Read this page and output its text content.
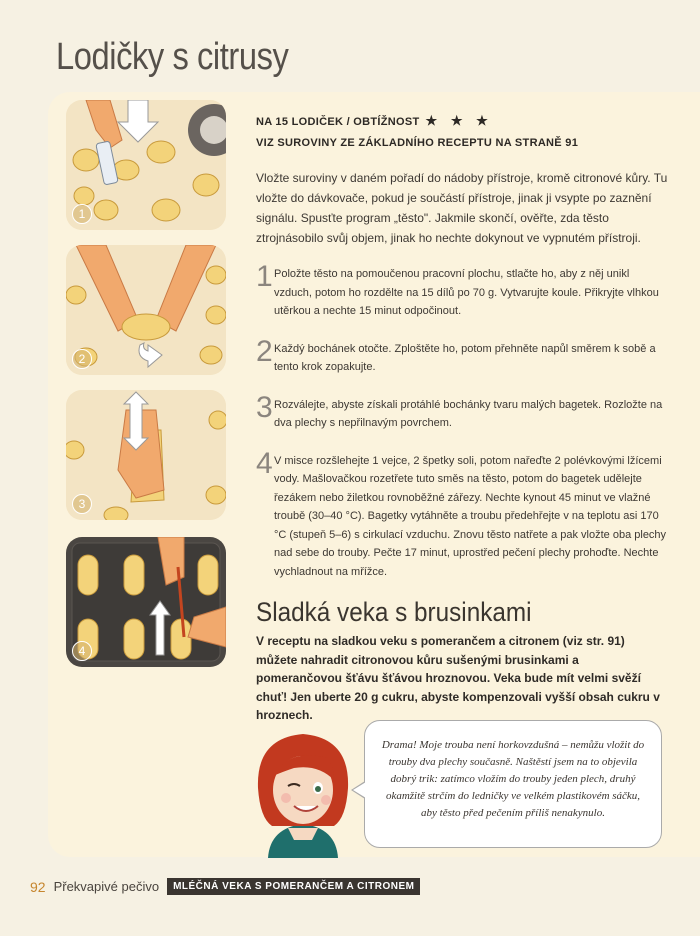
Lodičky s citrusy
1
2
3
4
NA 15 LODIČEK / OBTÍŽNOST ★ ★ ★
VIZ SUROVINY ZE ZÁKLADNÍHO RECEPTU NA STRANĚ 91

Vložte suroviny v daném pořadí do nádoby přístroje, kromě citronové kůry. Tu vložte do dávkovače, pokud je součástí přístroje, jinak ji vsypte po zaznění signálu. Spusťte program „těsto". Jakmile skončí, ověřte, zda těsto ztrojnásobilo svůj objem, jinak ho nechte dokynout ve vypnutém přístroji.

1 Položte těsto na pomoučenou pracovní plochu, stlačte ho, aby z něj unikl vzduch, potom ho rozdělte na 15 dílů po 70 g. Vytvarujte koule. Přikryjte vlhkou utěrkou a nechte 15 minut odpočinout.
2 Každý bochánek otočte. Zploštěte ho, potom přehněte napůl směrem k sobě a tento krok zopakujte.
3 Rozválejte, abyste získali protáhlé bochánky tvaru malých bagetek. Rozložte na dva plechy s nepřilnavým povrchem.
4 V misce rozšlehejte 1 vejce, 2 špetky soli, potom nařeďte 2 polévkovými lžícemi vody. Mašlovačkou rozetřete tuto směs na těsto, potom do bagetek udělejte řezákem nebo žiletkou rovnoběžné zářezy. Nechte kynout 45 minut ve vlažné troubě (30–40 °C). Bagetky vytáhněte a troubu předehřejte v na teplotu asi 170 °C (stupeň 5–6) s cirkulací vzduchu. Znovu těsto natřete a pak vložte oba plechy nad sebe do trouby. Pečte 17 minut, uprostřed pečení plechy prohoďte. Nechte vychladnout na mřížce.
Sladká veka s brusinkami
V receptu na sladkou veku s pomerančem a citronem (viz str. 91) můžete nahradit citronovou kůru sušenými brusinkami a pomerančovou šťávu šťávou hroznovou. Veka bude mít velmi svěží chuť! Jen uberte 20 g cukru, abyste kompenzovali vyšší obsah cukru v hroznech.
Drama! Moje trouba není horkovzdušná – nemůžu vložit do trouby dva plechy současně. Naštěstí jsem na to objevila dobrý trik: zatímco vložím do trouby jeden plech, druhý okamžitě strčím do ledničky ve velkém plastikovém sáčku, aby těsto před pečením příliš nenakynulo.
92 Překvapivé pečivo	MLÉČNÁ VEKA S POMERANČEM A CITRONEM
